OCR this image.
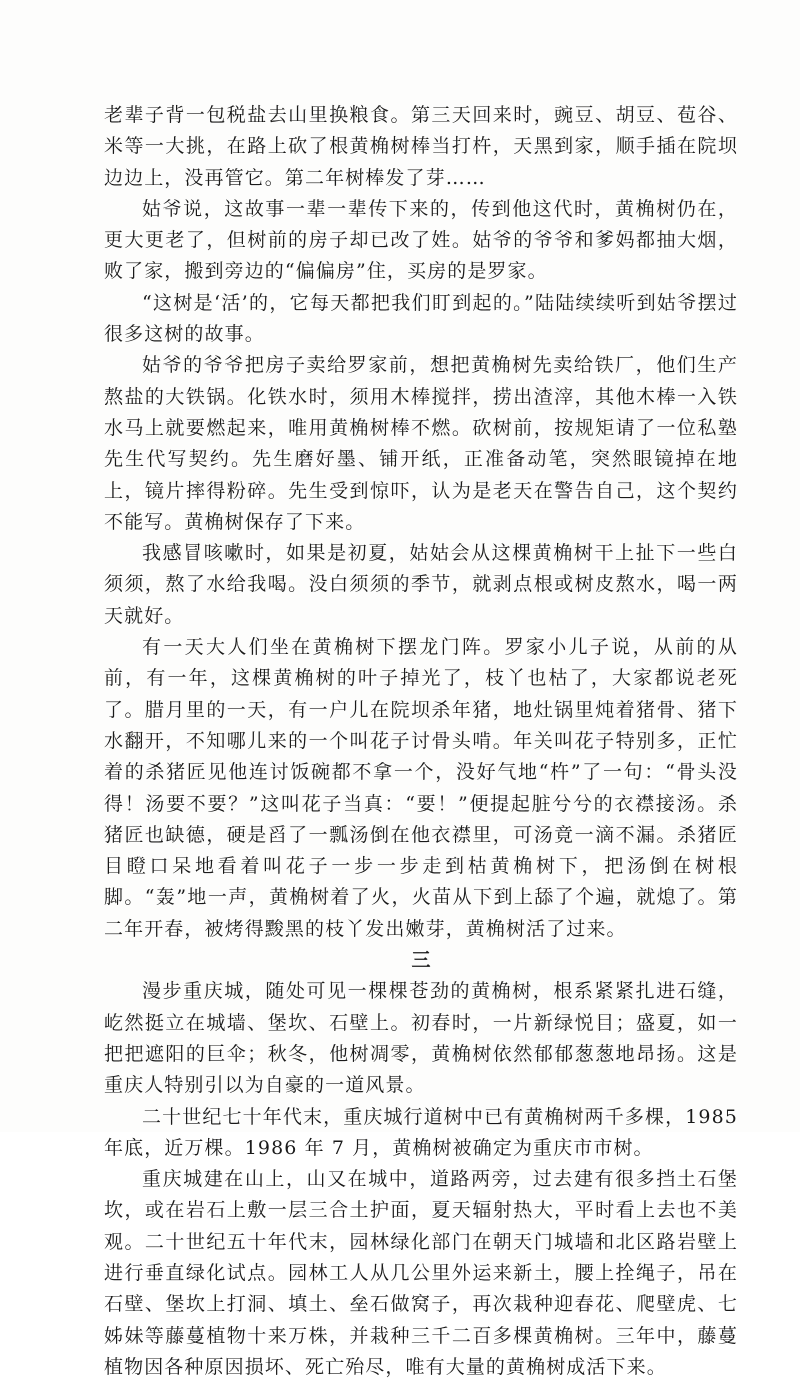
老辈子背一包税盐去山里换粮食。第三天回来时，豌豆、胡豆、苞谷、米等一大挑，在路上砍了根黄桷树棒当打杵，天黑到家，顺手插在院坝边边上，没再管它。第二年树棒发了芽……

姑爷说，这故事一辈一辈传下来的，传到他这代时，黄桷树仍在，更大更老了，但树前的房子却已改了姓。姑爷的爷爷和爹妈都抽大烟，败了家，搬到旁边的“偏偏房”住，买房的是罗家。

“这树是‘活’的，它每天都把我们盯到起的。”陆陆续续听到姑爷摆过很多这树的故事。

姑爷的爷爷把房子卖给罗家前，想把黄桷树先卖给铁厂，他们生产熬盐的大铁锅。化铁水时，须用木棒搅拌，捞出渣滓，其他木棒一入铁水马上就要燃起来，唯用黄桷树棒不燃。砍树前，按规矩请了一位私塾先生代写契约。先生磨好墨、铺开纸，正准备动笔，突然眼镜掉在地上，镜片摔得粉碎。先生受到惊吓，认为是老天在警告自己，这个契约不能写。黄桷树保存了下来。

我感冒咳嗽时，如果是初夏，姑姑会从这棵黄桷树干上扯下一些白须须，熬了水给我喝。没白须须的季节，就剥点根或树皮熬水，喝一两天就好。

有一天大人们坐在黄桷树下摆龙门阵。罗家小儿子说，从前的从前，有一年，这棵黄桷树的叶子掉光了，枝丫也枯了，大家都说老死了。腊月里的一天，有一户儿在院坝杀年猪，地灶锅里炖着猪骨、猪下水翻开，不知哪儿来的一个叫花子讨骨头啃。年关叫花子特别多，正忙着的杀猪匠见他连讨饭碗都不拿一个，没好气地“杵”了一句：“骨头没得！汤要不要？”这叫花子当真：“要！”便提起脏兮兮的衣襟接汤。杀猪匠也缺德，硬是舀了一瓢汤倒在他衣襟里，可汤竟一滴不漏。杀猪匠目瞪口呆地看着叫花子一步一步走到枯黄桷树下，把汤倒在树根脚。“轰”地一声，黄桷树着了火，火苗从下到上舔了个遍，就熄了。第二年开春，被烤得黢黑的枝丫发出嫩芽，黄桷树活了过来。

三

漫步重庆城，随处可见一棵棵苍劲的黄桷树，根系紧紧扎进石缝，屹然挺立在城墙、堡坎、石壁上。初春时，一片新绿悦目；盛夏，如一把把遮阳的巨伞；秋冬，他树凋零，黄桷树依然郁郁葱葱地昂扬。这是重庆人特别引以为自豪的一道风景。

二十世纪七十年代末，重庆城行道树中已有黄桷树两千多棵，1985 年底，近万棵。1986 年 7 月，黄桷树被确定为重庆市市树。

重庆城建在山上，山又在城中，道路两旁，过去建有很多挡土石堡坎，或在岩石上敷一层三合土护面，夏天辐射热大，平时看上去也不美观。二十世纪五十年代末，园林绿化部门在朝天门城墙和北区路岩壁上进行垂直绿化试点。园林工人从几公里外运来新土，腰上拴绳子，吊在石壁、堡坎上打洞、填土、垒石做窝子，再次栽种迎春花、爬壁虎、七姊妹等藤蔓植物十来万株，并栽种三千二百多棵黄桷树。三年中，藤蔓植物因各种原因损坏、死亡殆尽，唯有大量的黄桷树成活下来。
